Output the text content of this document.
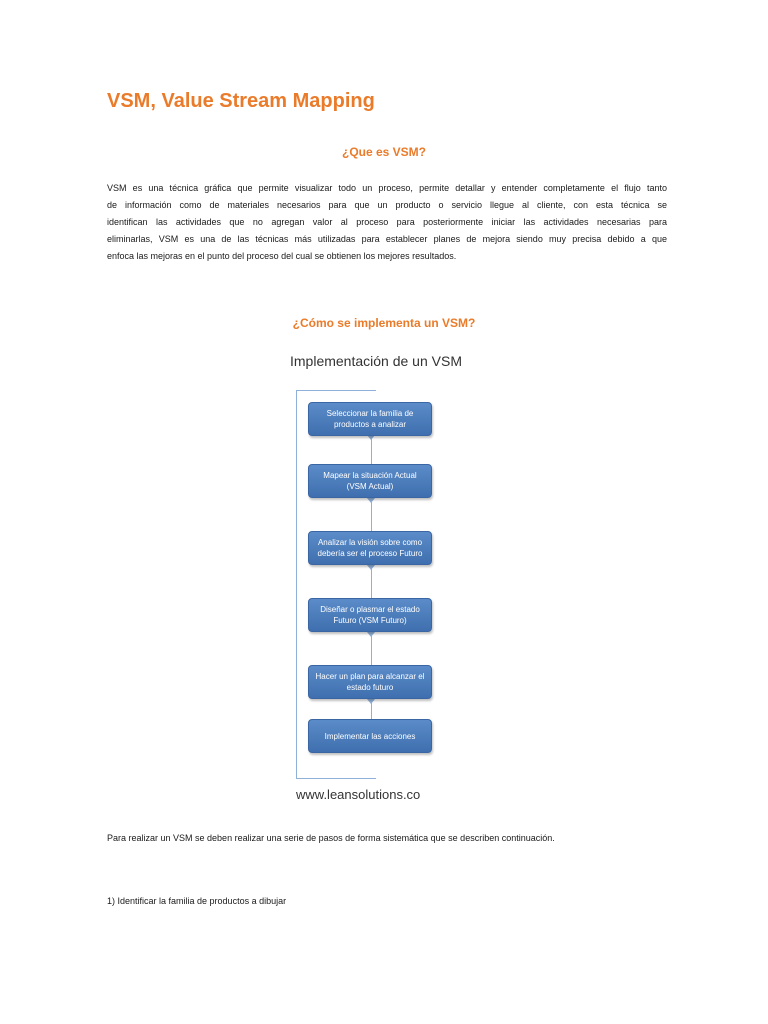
VSM, Value Stream Mapping
¿Que es VSM?
VSM es una técnica gráfica que permite visualizar todo un proceso, permite detallar y entender completamente el flujo tanto
de información como de materiales necesarios para que un producto o servicio llegue al cliente, con esta técnica se
identifican las actividades que no agregan valor al proceso para posteriormente iniciar las actividades necesarias para
eliminarlas, VSM es una de las técnicas más utilizadas para establecer planes de mejora siendo muy precisa debido a que
enfoca las mejoras en el punto del proceso del cual se obtienen los mejores resultados.
¿Cómo se implementa un VSM?
Implementación de un VSM
Seleccionar la familia de productos a analizar
Mapear la situación Actual (VSM Actual)
Analizar la visión sobre como debería ser el proceso Futuro
Diseñar o plasmar el estado Futuro (VSM Futuro)
Hacer un plan para alcanzar el estado futuro
Implementar las acciones
www.leansolutions.co
Para realizar un VSM se deben realizar una serie de pasos de forma sistemática que se describen continuación.
1) Identificar la familia de productos a dibujar
